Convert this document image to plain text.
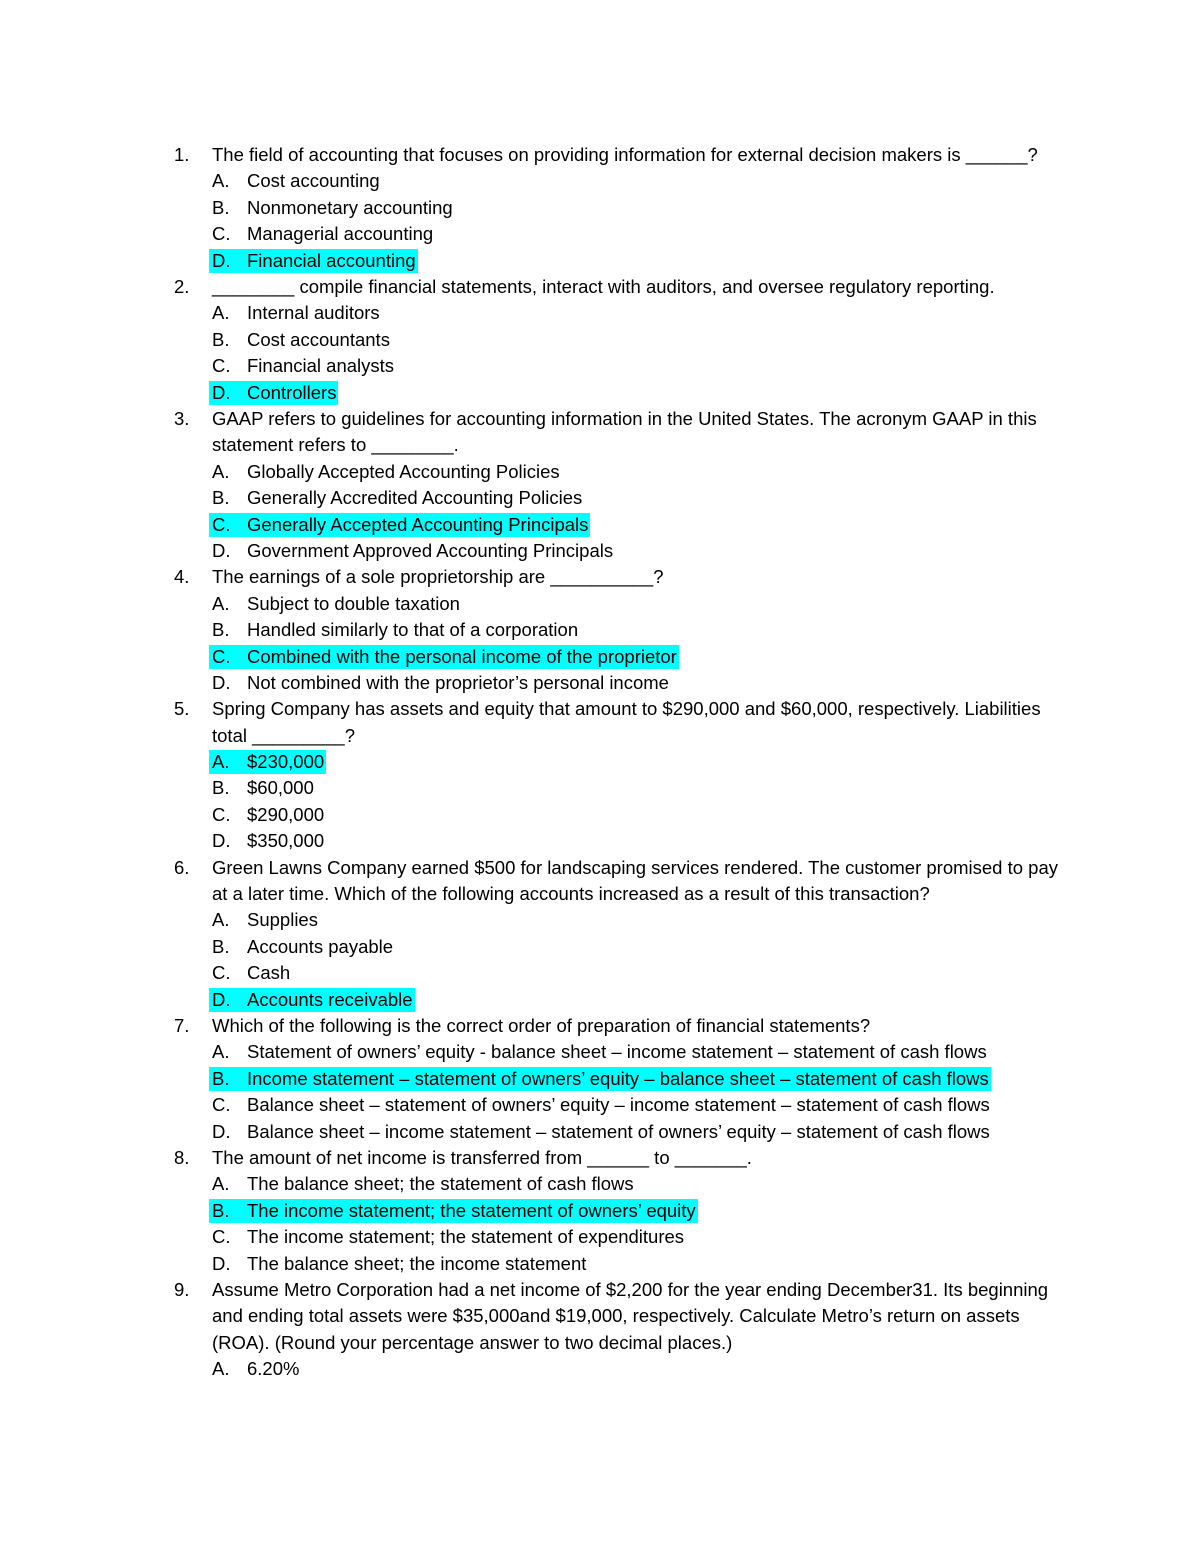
1. The field of accounting that focuses on providing information for external decision makers is ______?
A. Cost accounting
B. Nonmonetary accounting
C. Managerial accounting
D. Financial accounting
2. ________ compile financial statements, interact with auditors, and oversee regulatory reporting.
A. Internal auditors
B. Cost accountants
C. Financial analysts
D. Controllers
3. GAAP refers to guidelines for accounting information in the United States. The acronym GAAP in this statement refers to ________.
A. Globally Accepted Accounting Policies
B. Generally Accredited Accounting Policies
C. Generally Accepted Accounting Principals
D. Government Approved Accounting Principals
4. The earnings of a sole proprietorship are __________?
A. Subject to double taxation
B. Handled similarly to that of a corporation
C. Combined with the personal income of the proprietor
D. Not combined with the proprietor’s personal income
5. Spring Company has assets and equity that amount to $290,000 and $60,000, respectively. Liabilities total _________?
A. $230,000
B. $60,000
C. $290,000
D. $350,000
6. Green Lawns Company earned $500 for landscaping services rendered. The customer promised to pay at a later time. Which of the following accounts increased as a result of this transaction?
A. Supplies
B. Accounts payable
C. Cash
D. Accounts receivable
7. Which of the following is the correct order of preparation of financial statements?
A. Statement of owners’ equity - balance sheet – income statement – statement of cash flows
B. Income statement – statement of owners’ equity – balance sheet – statement of cash flows
C. Balance sheet – statement of owners’ equity – income statement – statement of cash flows
D. Balance sheet – income statement – statement of owners’ equity – statement of cash flows
8. The amount of net income is transferred from ______ to _______.
A. The balance sheet; the statement of cash flows
B. The income statement; the statement of owners’ equity
C. The income statement; the statement of expenditures
D. The balance sheet; the income statement
9. Assume Metro Corporation had a net income of $2,200 for the year ending December31. Its beginning and ending total assets were $35,000and $19,000, respectively. Calculate Metro’s return on assets (ROA). (Round your percentage answer to two decimal places.)
A. 6.20%
